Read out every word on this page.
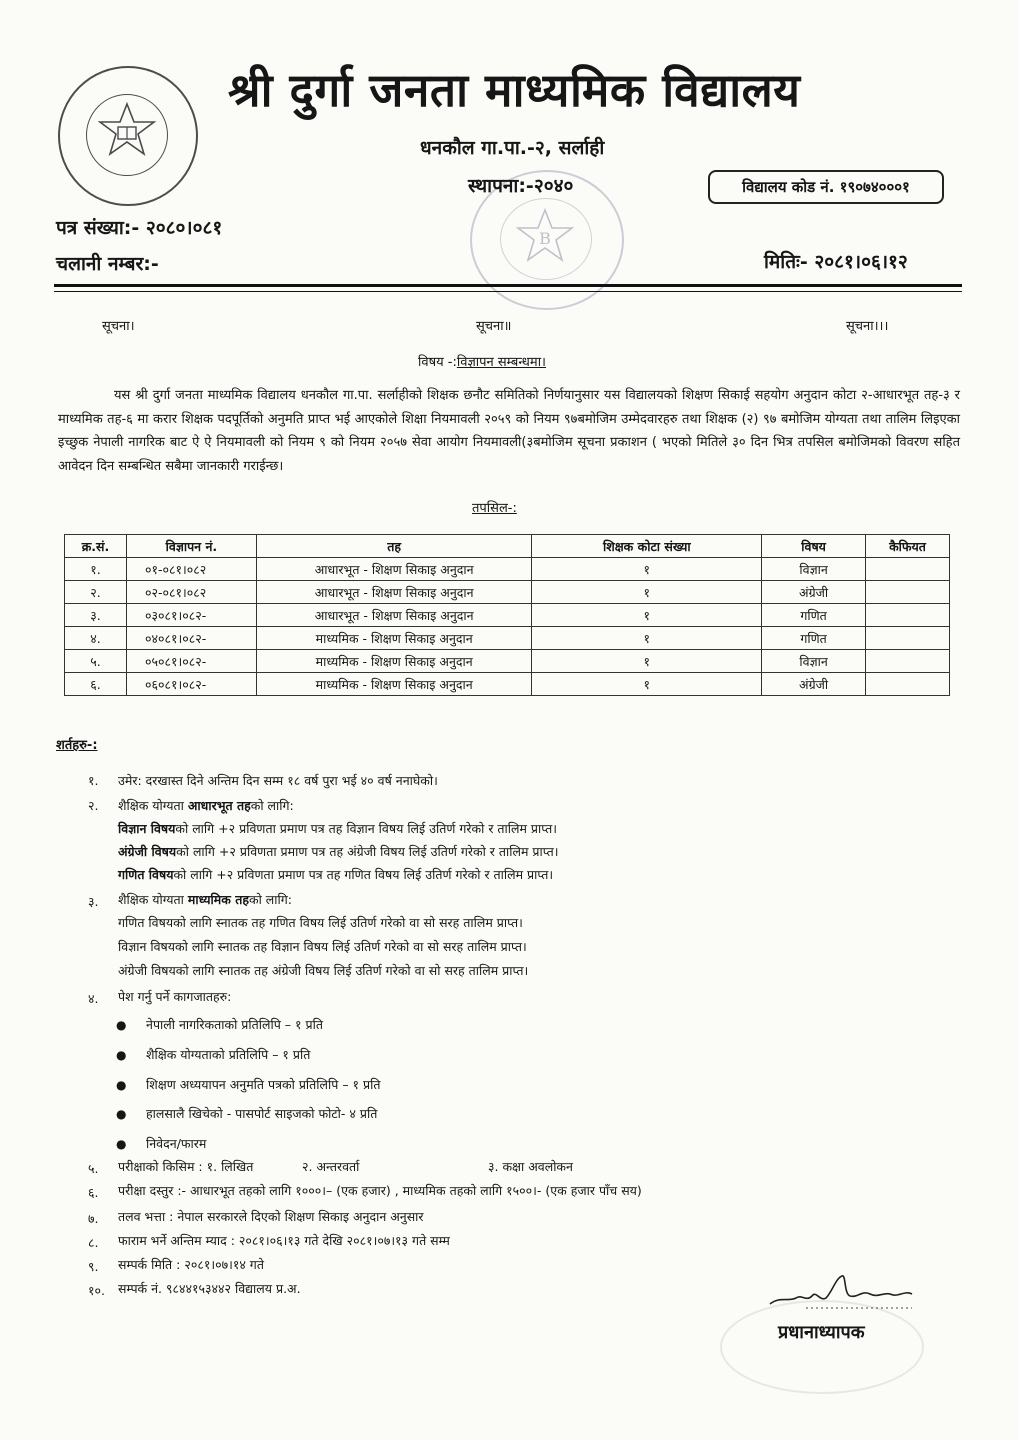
B
श्री दुर्गा जनता माध्यमिक विद्यालय
धनकौल गा.पा.-२, सर्लाही
स्थापना:-२०४०	विद्यालय कोड नं. १९०७४०००१
पत्र संख्या:- २०८०।०८१
चलानी नम्बर:-	मितिः- २०८१।०६।१२
सूचना।	सूचना॥	सूचना।।।
विषय -:विज्ञापन सम्बन्धमा।
यस श्री दुर्गा जनता माध्यमिक विद्यालय धनकौल गा.पा. सर्लाहीको शिक्षक छनौट समितिको निर्णयानुसार यस विद्यालयको शिक्षण सिकाई सहयोग अनुदान कोटा २-आधारभूत तह-३ र माध्यमिक तह-६ मा करार शिक्षक पदपूर्तिको अनुमति प्राप्त भई आएकोले शिक्षा नियमावली २०५९ को नियम ९७बमोजिम उम्मेदवारहरु तथा शिक्षक (२) ९७ बमोजिम योग्यता तथा तालिम लिइएका इच्छुक नेपाली नागरिक बाट ऐ ऐ नियमावली को नियम ९ को नियम २०५७ सेवा आयोग नियमावली(३बमोजिम सूचना प्रकाशन ( भएको मितिले ३० दिन भित्र तपसिल बमोजिमको विवरण सहित आवेदन दिन सम्बन्धित सबैमा जानकारी गराईन्छ।
तपसिल-:
क्र.सं.	विज्ञापन नं.	तह	शिक्षक कोटा संख्या	विषय	कैफियत
१.	०१-०८१।०८२	आधारभूत - शिक्षण सिकाइ अनुदान	१	विज्ञान	
२.	०२-०८१।०८२	आधारभूत - शिक्षण सिकाइ अनुदान	१	अंग्रेजी	
३.	०३०८१।०८२-	आधारभूत - शिक्षण सिकाइ अनुदान	१	गणित	
४.	०४०८१।०८२-	माध्यमिक - शिक्षण सिकाइ अनुदान	१	गणित	
५.	०५०८१।०८२-	माध्यमिक - शिक्षण सिकाइ अनुदान	१	विज्ञान	
६.	०६०८१।०८२-	माध्यमिक - शिक्षण सिकाइ अनुदान	१	अंग्रेजी	
शर्तहरु-:
१. उमेर: दरखास्त दिने अन्तिम दिन सम्म १८ वर्ष पुरा भई ४० वर्ष ननाघेको।
२. शैक्षिक योग्यता आधारभूत तहको लागि:
विज्ञान विषयको लागि +२ प्रविणता प्रमाण पत्र तह विज्ञान विषय लिई उतिर्ण गरेको र तालिम प्राप्त।
अंग्रेजी विषयको लागि +२ प्रविणता प्रमाण पत्र तह अंग्रेजी विषय लिई उतिर्ण गरेको र तालिम प्राप्त।
गणित विषयको लागि +२ प्रविणता प्रमाण पत्र तह गणित विषय लिई उतिर्ण गरेको र तालिम प्राप्त।
३. शैक्षिक योग्यता माध्यमिक तहको लागि:
गणित विषयको लागि स्नातक तह गणित विषय लिई उतिर्ण गरेको वा सो सरह तालिम प्राप्त।
विज्ञान विषयको लागि स्नातक तह विज्ञान विषय लिई उतिर्ण गरेको वा सो सरह तालिम प्राप्त।
अंग्रेजी विषयको लागि स्नातक तह अंग्रेजी विषय लिई उतिर्ण गरेको वा सो सरह तालिम प्राप्त।
४. पेश गर्नु पर्ने कागजातहरु:
● नेपाली नागरिकताको प्रतिलिपि – १ प्रति
● शैक्षिक योग्यताको प्रतिलिपि – १ प्रति
● शिक्षण अध्ययापन अनुमति पत्रको प्रतिलिपि – १ प्रति
● हालसालै खिचेको - पासपोर्ट साइजको फोटो- ४ प्रति
● निवेदन/फारम
५. परीक्षाको किसिम : १. लिखित	२. अन्तरवर्ता	३. कक्षा अवलोकन
६. परीक्षा दस्तुर :- आधारभूत तहको लागि १०००।– (एक हजार) , माध्यमिक तहको लागि १५००।- (एक हजार पाँच सय)
७. तलव भत्ता : नेपाल सरकारले दिएको शिक्षण सिकाइ अनुदान अनुसार
८. फाराम भर्ने अन्तिम म्याद : २०८१।०६।१३ गते देखि २०८१।०७।१३ गते सम्म
९. सम्पर्क मिति : २०८१।०७।१४ गते
१०. सम्पर्क नं. ९८४४१५३४४२ विद्यालय प्र.अ.
प्रधानाध्यापक
